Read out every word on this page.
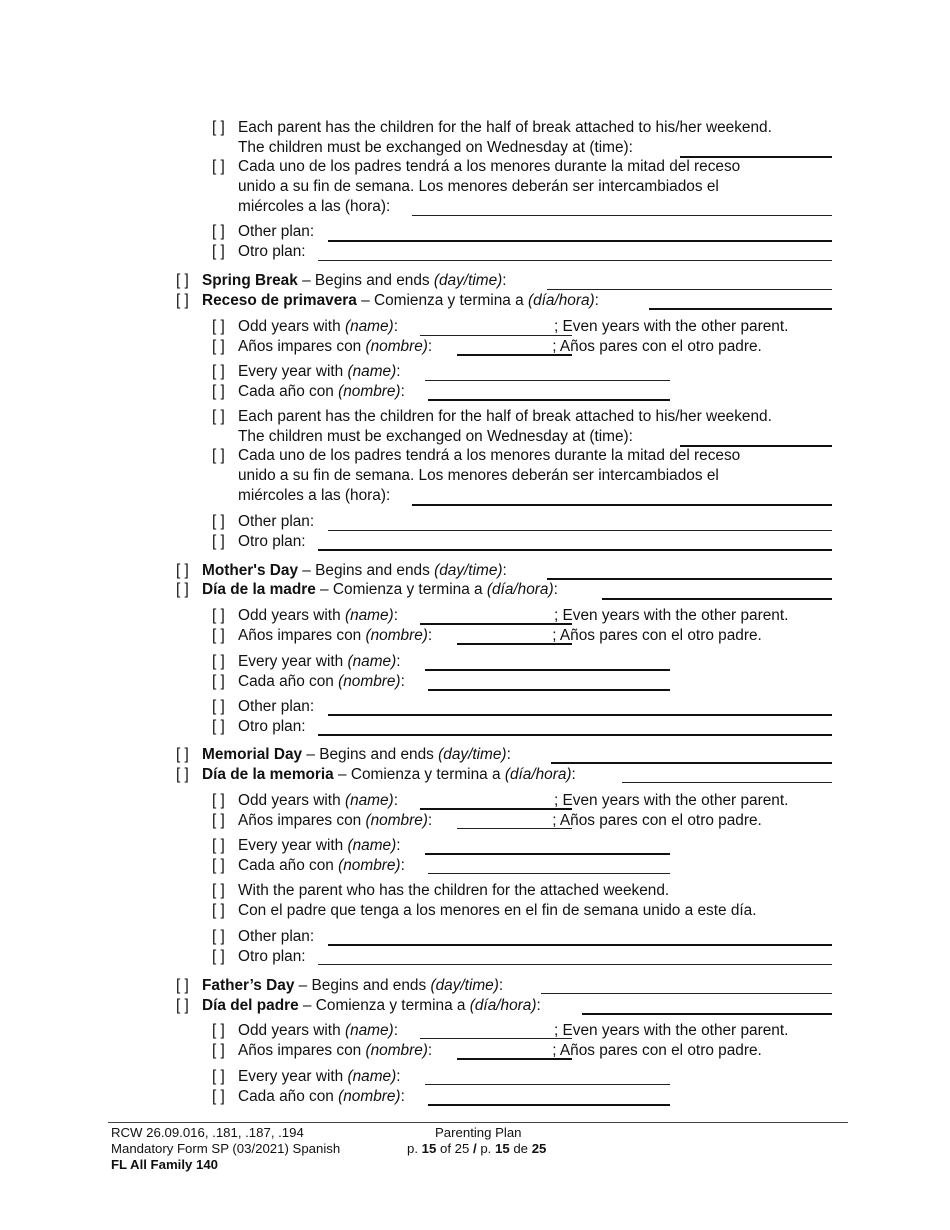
[ ] Each parent has the children for the half of break attached to his/her weekend.
The children must be exchanged on Wednesday at (time):
[ ] Cada uno de los padres tendrá a los menores durante la mitad del receso
unido a su fin de semana. Los menores deberán ser intercambiados el
miércoles a las (hora):
[ ] Other plan:
[ ] Otro plan:
[ ] Spring Break – Begins and ends (day/time):
[ ] Receso de primavera – Comienza y termina a (día/hora):
[ ] Odd years with (name):	; Even years with the other parent.
[ ] Años impares con (nombre):	; Años pares con el otro padre.
[ ] Every year with (name):
[ ] Cada año con (nombre):
[ ] Each parent has the children for the half of break attached to his/her weekend.
The children must be exchanged on Wednesday at (time):
[ ] Cada uno de los padres tendrá a los menores durante la mitad del receso
unido a su fin de semana. Los menores deberán ser intercambiados el
miércoles a las (hora):
[ ] Other plan:
[ ] Otro plan:
[ ] Mother's Day – Begins and ends (day/time):
[ ] Día de la madre – Comienza y termina a (día/hora):
[ ] Odd years with (name):	; Even years with the other parent.
[ ] Años impares con (nombre):	; Años pares con el otro padre.
[ ] Every year with (name):
[ ] Cada año con (nombre):
[ ] Other plan:
[ ] Otro plan:
[ ] Memorial Day – Begins and ends (day/time):
[ ] Día de la memoria – Comienza y termina a (día/hora):
[ ] Odd years with (name):	; Even years with the other parent.
[ ] Años impares con (nombre):	; Años pares con el otro padre.
[ ] Every year with (name):
[ ] Cada año con (nombre):
[ ] With the parent who has the children for the attached weekend.
[ ] Con el padre que tenga a los menores en el fin de semana unido a este día.
[ ] Other plan:
[ ] Otro plan:
[ ] Father’s Day – Begins and ends (day/time):
[ ] Día del padre – Comienza y termina a (día/hora):
[ ] Odd years with (name):	; Even years with the other parent.
[ ] Años impares con (nombre):	; Años pares con el otro padre.
[ ] Every year with (name):
[ ] Cada año con (nombre):
RCW 26.09.016, .181, .187, .194
Mandatory Form SP (03/2021) Spanish
FL All Family 140
Parenting Plan
p. 15 of 25 / p. 15 de 25
